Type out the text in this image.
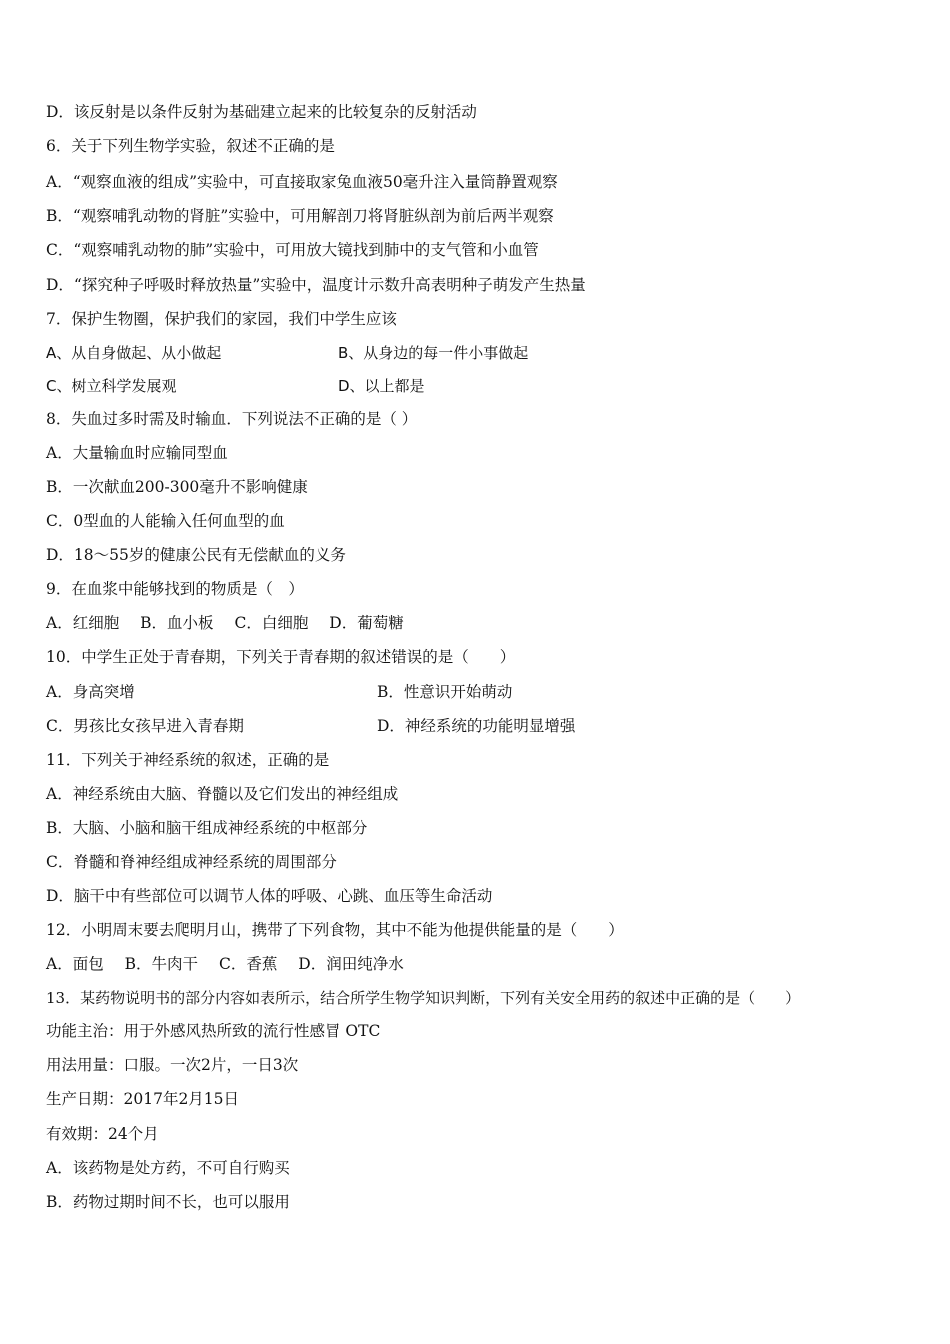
D．该反射是以条件反射为基础建立起来的比较复杂的反射活动
6．关于下列生物学实验，叙述不正确的是
A．“观察血液的组成”实验中，可直接取家兔血液50毫升注入量筒静置观察
B．“观察哺乳动物的肾脏”实验中，可用解剖刀将肾脏纵剖为前后两半观察
C．“观察哺乳动物的肺”实验中，可用放大镜找到肺中的支气管和小血管
D．“探究种子呼吸时释放热量”实验中，温度计示数升高表明种子萌发产生热量
7．保护生物圈，保护我们的家园，我们中学生应该
A、从自身做起、从小做起	B、从身边的每一件小事做起
C、树立科学发展观	D、以上都是
8．失血过多时需及时输血．下列说法不正确的是（ ）
A．大量输血时应输同型血
B．一次献血200-300毫升不影响健康
C．0型血的人能输入任何血型的血
D．18～55岁的健康公民有无偿献血的义务
9．在血浆中能够找到的物质是（　）
A．红细胞 B．血小板 C．白细胞 D．葡萄糖
10．中学生正处于青春期，下列关于青春期的叙述错误的是（　　）
A．身高突增	B．性意识开始萌动
C．男孩比女孩早进入青春期	D．神经系统的功能明显增强
11．下列关于神经系统的叙述，正确的是
A．神经系统由大脑、脊髓以及它们发出的神经组成
B．大脑、小脑和脑干组成神经系统的中枢部分
C．脊髓和脊神经组成神经系统的周围部分
D．脑干中有些部位可以调节人体的呼吸、心跳、血压等生命活动
12．小明周末要去爬明月山，携带了下列食物，其中不能为他提供能量的是（　　）
A．面包 B．牛肉干 C．香蕉 D．润田纯净水
13．某药物说明书的部分内容如表所示，结合所学生物学知识判断，下列有关安全用药的叙述中正确的是（　　）
功能主治：用于外感风热所致的流行性感冒 OTC
用法用量：口服。一次2片，一日3次
生产日期：2017年2月15日
有效期：24个月
A．该药物是处方药，不可自行购买
B．药物过期时间不长，也可以服用
